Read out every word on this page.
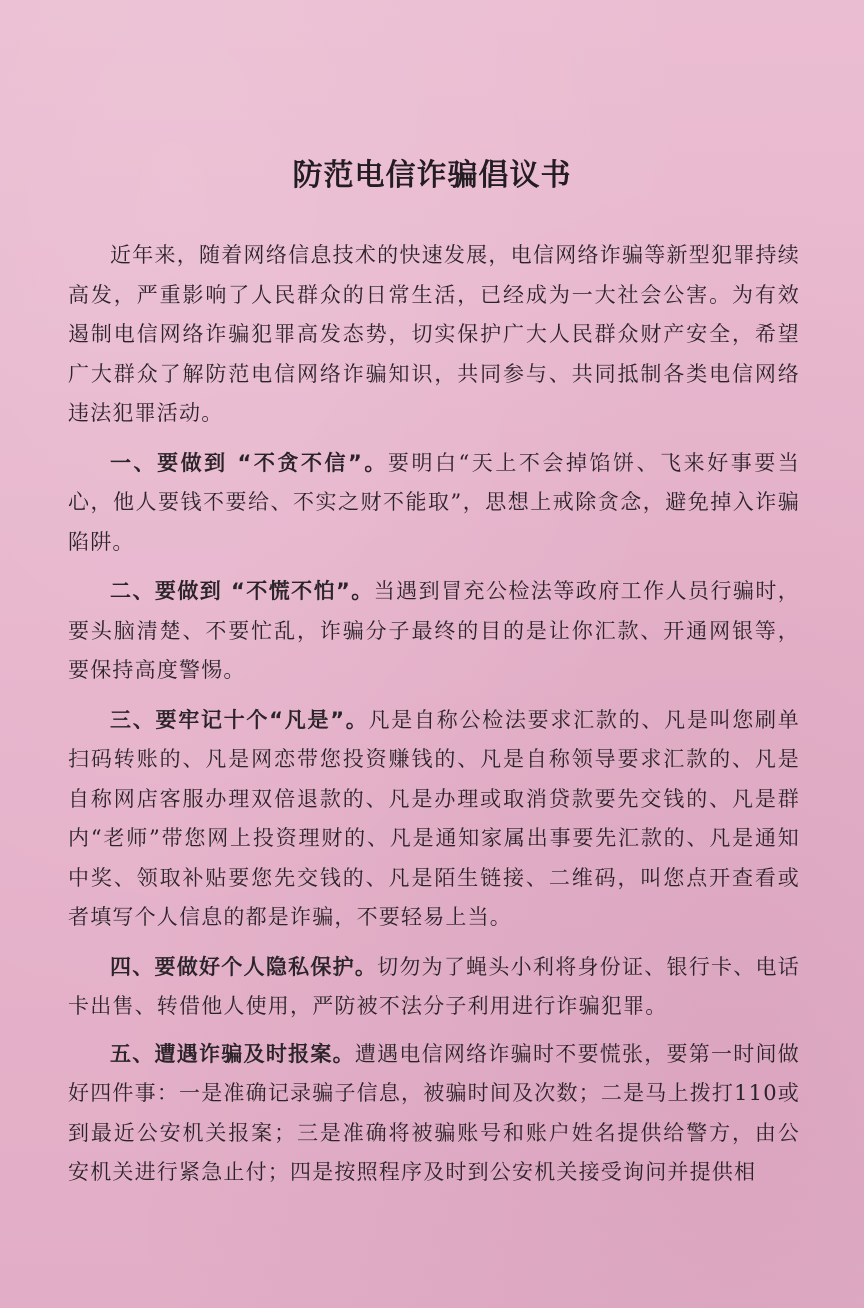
防范电信诈骗倡议书

近年来，随着网络信息技术的快速发展，电信网络诈骗等新型犯罪持续高发，严重影响了人民群众的日常生活，已经成为一大社会公害。为有效遏制电信网络诈骗犯罪高发态势，切实保护广大人民群众财产安全，希望广大群众了解防范电信网络诈骗知识，共同参与、共同抵制各类电信网络违法犯罪活动。

一、要做到 “不贪不信”。要明白“天上不会掉馅饼、飞来好事要当心，他人要钱不要给、不实之财不能取”，思想上戒除贪念，避免掉入诈骗陷阱。

二、要做到 “不慌不怕”。当遇到冒充公检法等政府工作人员行骗时，要头脑清楚、不要忙乱，诈骗分子最终的目的是让你汇款、开通网银等，要保持高度警惕。

三、要牢记十个“凡是”。凡是自称公检法要求汇款的、凡是叫您刷单扫码转账的、凡是网恋带您投资赚钱的、凡是自称领导要求汇款的、凡是自称网店客服办理双倍退款的、凡是办理或取消贷款要先交钱的、凡是群内“老师”带您网上投资理财的、凡是通知家属出事要先汇款的、凡是通知中奖、领取补贴要您先交钱的、凡是陌生链接、二维码，叫您点开查看或者填写个人信息的都是诈骗，不要轻易上当。

四、要做好个人隐私保护。切勿为了蝇头小利将身份证、银行卡、电话卡出售、转借他人使用，严防被不法分子利用进行诈骗犯罪。

五、遭遇诈骗及时报案。遭遇电信网络诈骗时不要慌张，要第一时间做好四件事：一是准确记录骗子信息，被骗时间及次数；二是马上拨打110或到最近公安机关报案；三是准确将被骗账号和账户姓名提供给警方，由公安机关进行紧急止付；四是按照程序及时到公安机关接受询问并提供相
